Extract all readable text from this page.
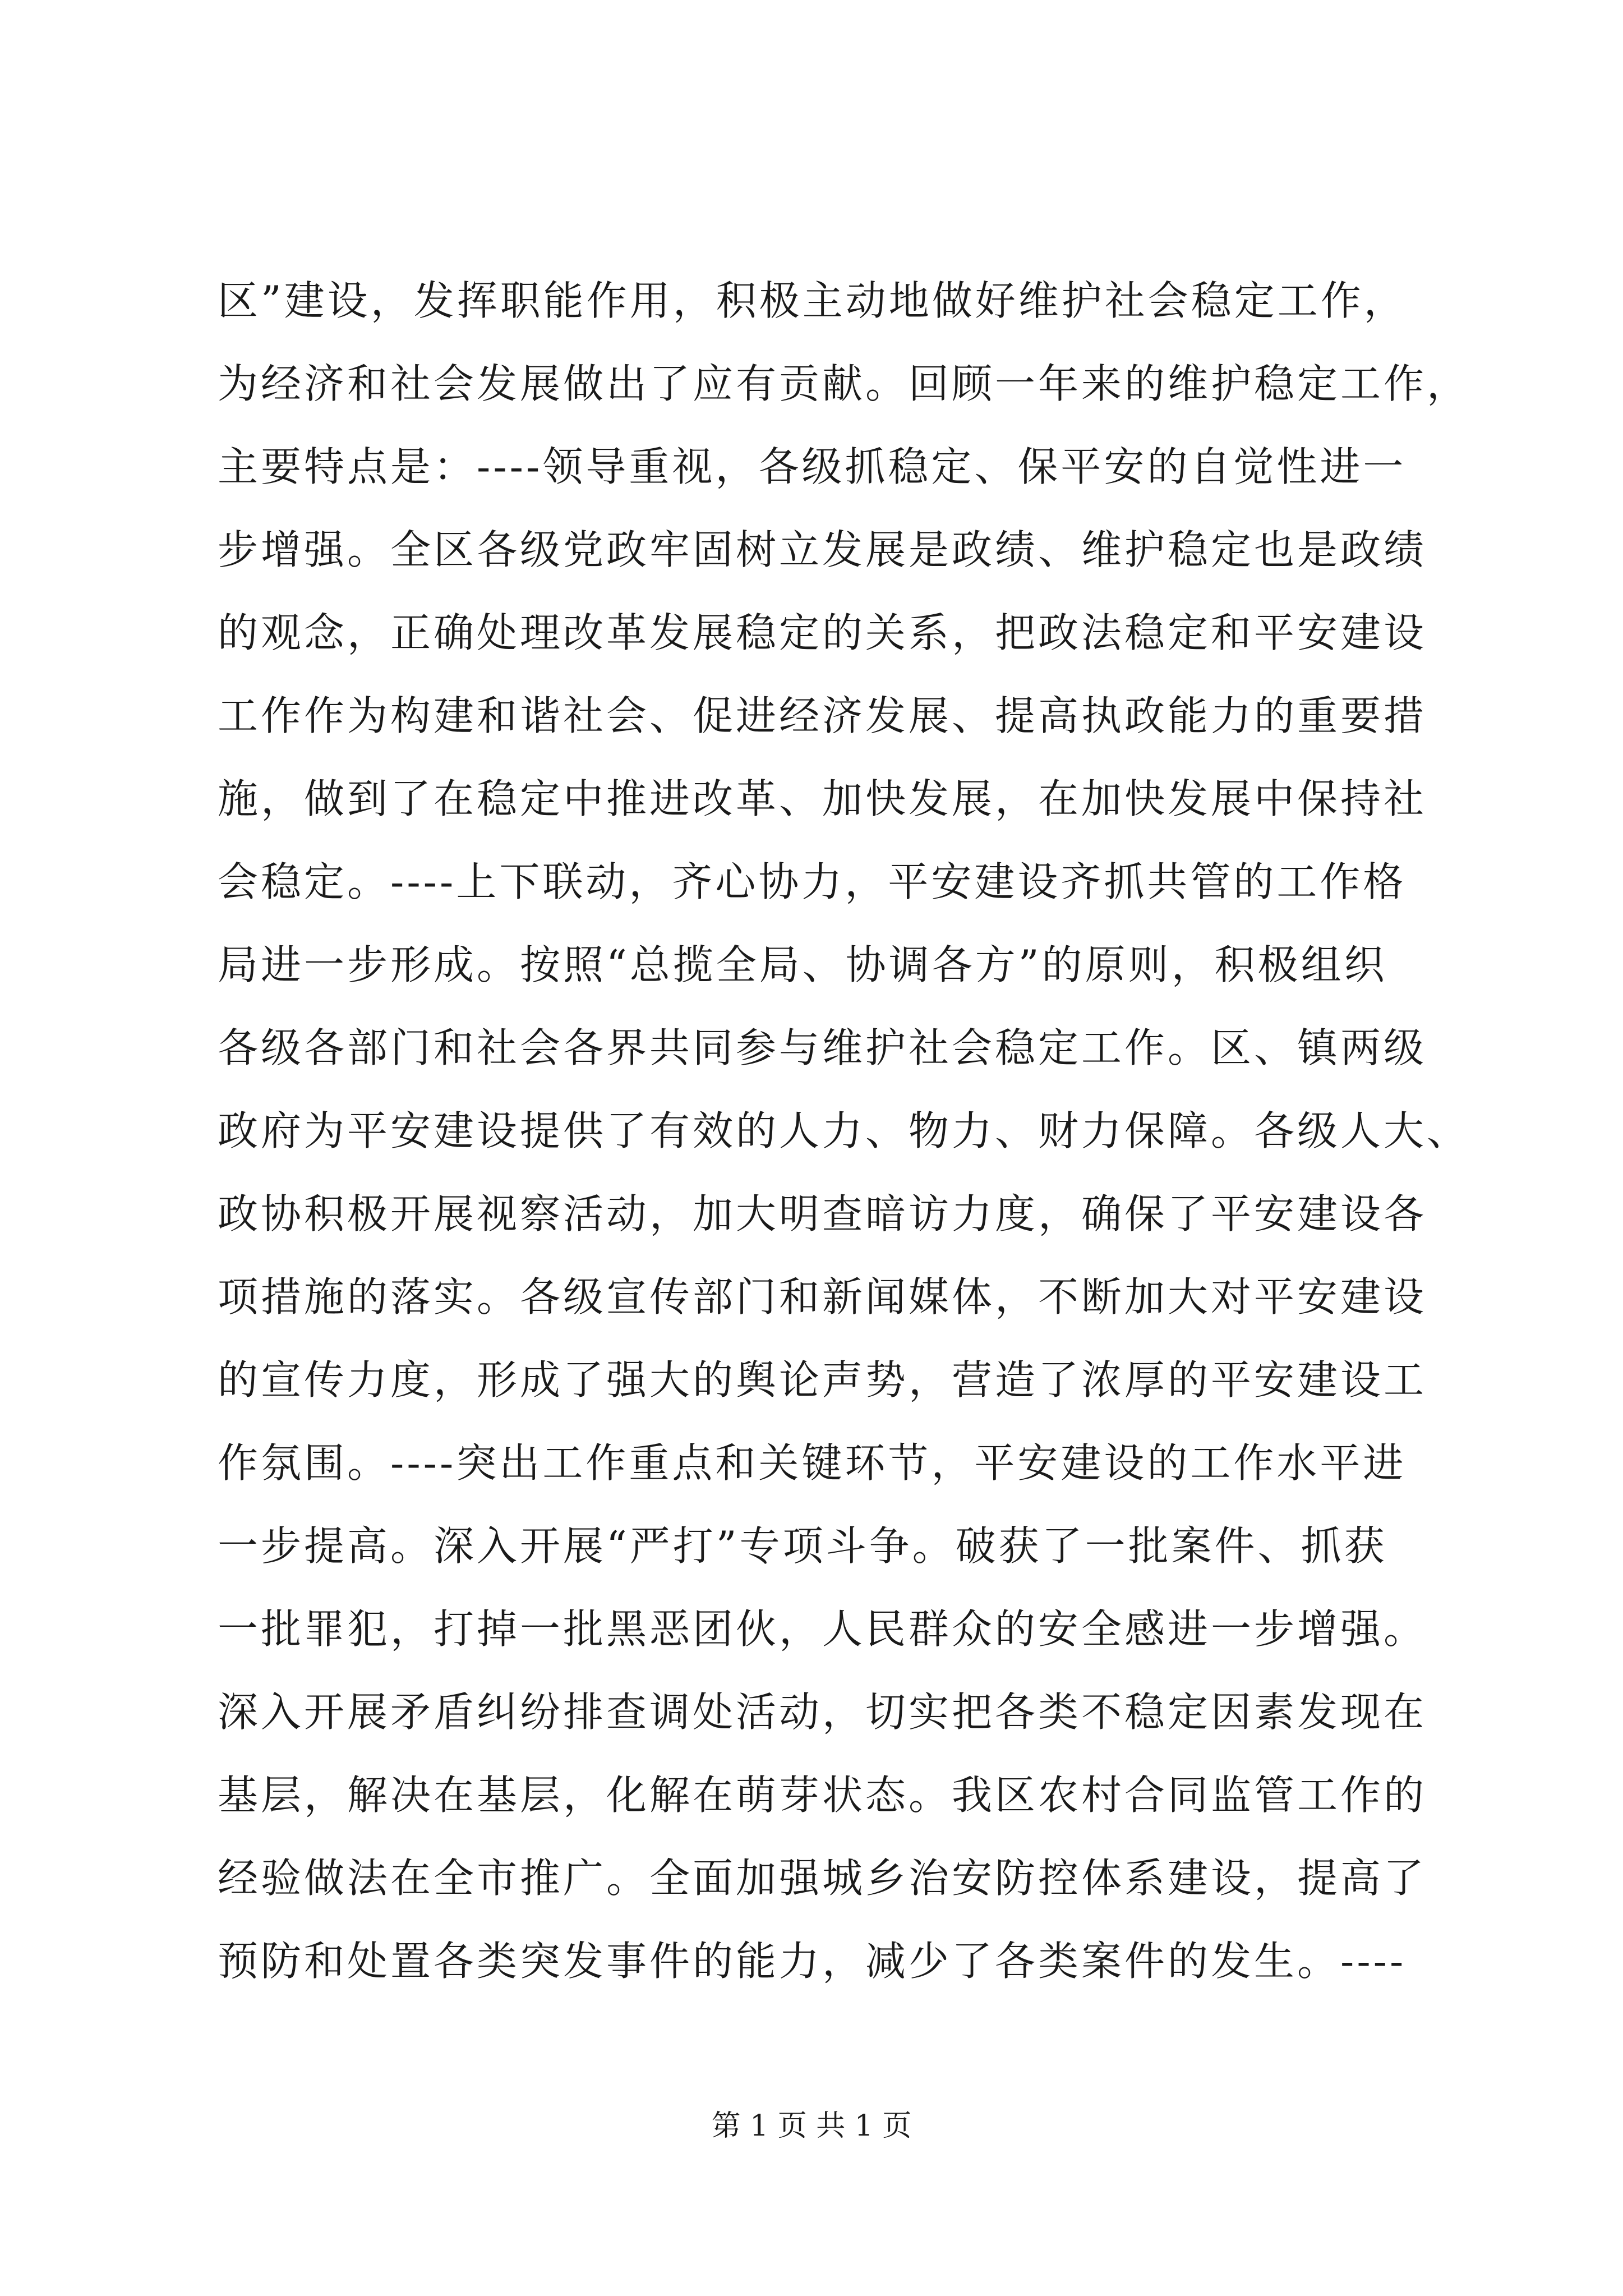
区”建设，发挥职能作用，积极主动地做好维护社会稳定工作，
为经济和社会发展做出了应有贡献。回顾一年来的维护稳定工作，
主要特点是：----领导重视，各级抓稳定、保平安的自觉性进一
步增强。全区各级党政牢固树立发展是政绩、维护稳定也是政绩
的观念，正确处理改革发展稳定的关系，把政法稳定和平安建设
工作作为构建和谐社会、促进经济发展、提高执政能力的重要措
施，做到了在稳定中推进改革、加快发展，在加快发展中保持社
会稳定。----上下联动，齐心协力，平安建设齐抓共管的工作格
局进一步形成。按照“总揽全局、协调各方”的原则，积极组织
各级各部门和社会各界共同参与维护社会稳定工作。区、镇两级
政府为平安建设提供了有效的人力、物力、财力保障。各级人大、
政协积极开展视察活动，加大明查暗访力度，确保了平安建设各
项措施的落实。各级宣传部门和新闻媒体，不断加大对平安建设
的宣传力度，形成了强大的舆论声势，营造了浓厚的平安建设工
作氛围。----突出工作重点和关键环节，平安建设的工作水平进
一步提高。深入开展“严打”专项斗争。破获了一批案件、抓获
一批罪犯，打掉一批黑恶团伙，人民群众的安全感进一步增强。
深入开展矛盾纠纷排查调处活动，切实把各类不稳定因素发现在
基层，解决在基层，化解在萌芽状态。我区农村合同监管工作的
经验做法在全市推广。全面加强城乡治安防控体系建设，提高了
预防和处置各类突发事件的能力，减少了各类案件的发生。----
第 1 页 共 1 页
